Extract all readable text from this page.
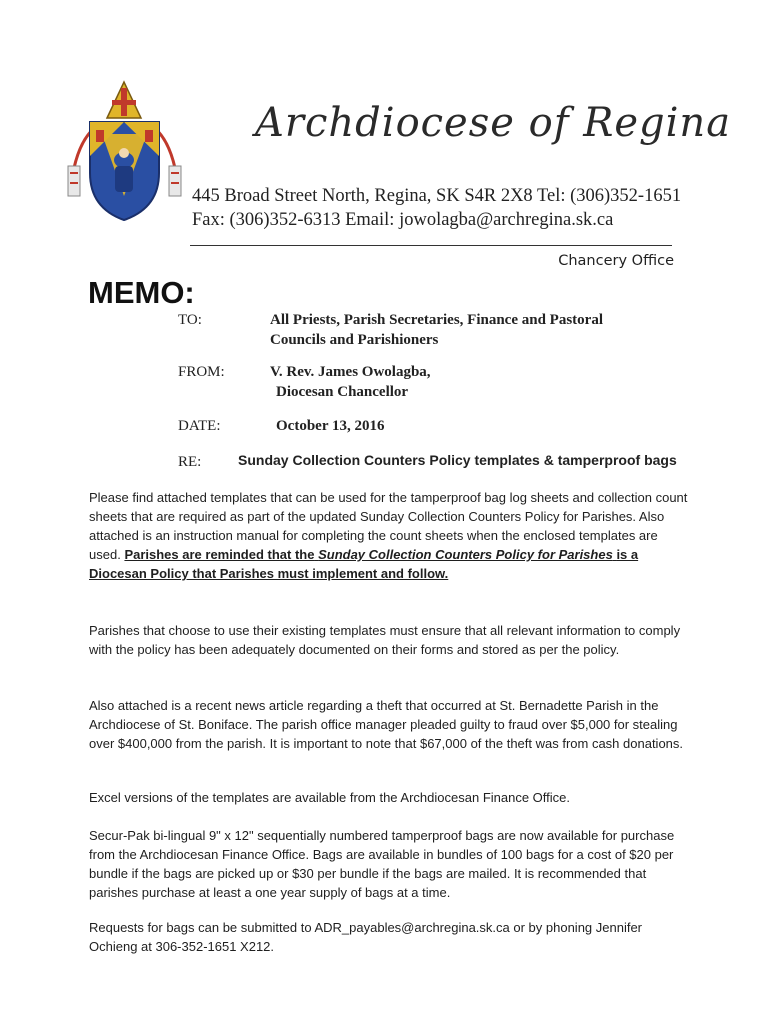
Archdiocese of Regina
445 Broad Street North, Regina, SK S4R 2X8 Tel: (306)352-1651
Fax: (306)352-6313 Email: jowolagba@archregina.sk.ca
Chancery Office
MEMO:
TO:	All Priests, Parish Secretaries, Finance and Pastoral
Councils and Parishioners
FROM:	V. Rev. James Owolagba,
Diocesan Chancellor
DATE:	October 13, 2016
RE:	Sunday Collection Counters Policy templates & tamperproof bags
Please find attached templates that can be used for the tamperproof bag log sheets and collection count sheets that are required as part of the updated Sunday Collection Counters Policy for Parishes. Also attached is an instruction manual for completing the count sheets when the enclosed templates are used. Parishes are reminded that the Sunday Collection Counters Policy for Parishes is a Diocesan Policy that Parishes must implement and follow.
Parishes that choose to use their existing templates must ensure that all relevant information to comply with the policy has been adequately documented on their forms and stored as per the policy.
Also attached is a recent news article regarding a theft that occurred at St. Bernadette Parish in the Archdiocese of St. Boniface. The parish office manager pleaded guilty to fraud over $5,000 for stealing over $400,000 from the parish. It is important to note that $67,000 of the theft was from cash donations.
Excel versions of the templates are available from the Archdiocesan Finance Office.
Secur-Pak bi-lingual 9" x 12" sequentially numbered tamperproof bags are now available for purchase from the Archdiocesan Finance Office. Bags are available in bundles of 100 bags for a cost of $20 per bundle if the bags are picked up or $30 per bundle if the bags are mailed. It is recommended that parishes purchase at least a one year supply of bags at a time.
Requests for bags can be submitted to ADR_payables@archregina.sk.ca or by phoning Jennifer Ochieng at 306-352-1651 X212.
